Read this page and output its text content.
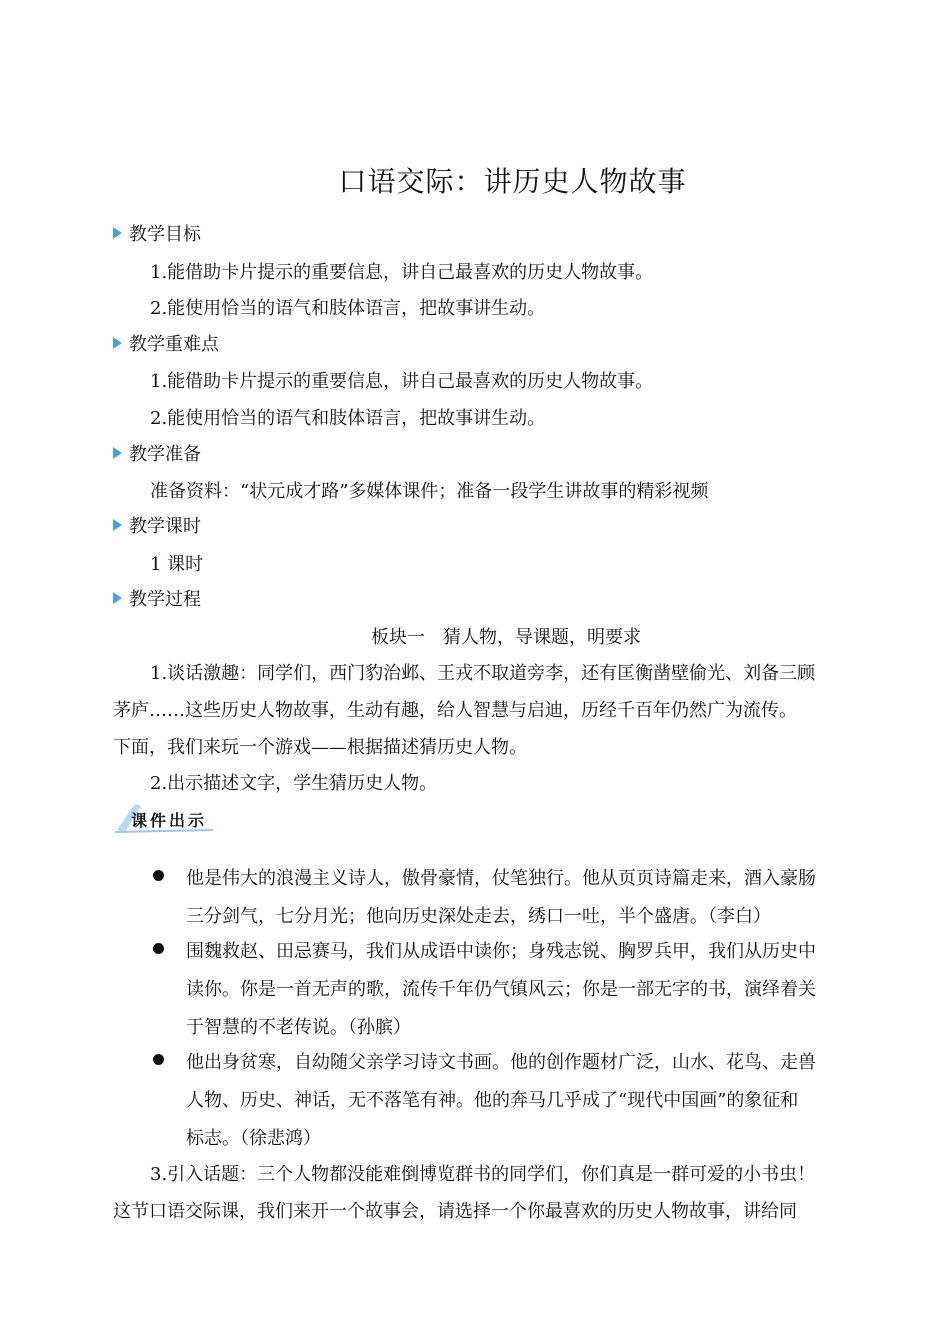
口语交际：讲历史人物故事
教学目标
1.能借助卡片提示的重要信息，讲自己最喜欢的历史人物故事。
2.能使用恰当的语气和肢体语言，把故事讲生动。
教学重难点
1.能借助卡片提示的重要信息，讲自己最喜欢的历史人物故事。
2.能使用恰当的语气和肢体语言，把故事讲生动。
教学准备
准备资料：“状元成才路”多媒体课件；准备一段学生讲故事的精彩视频
教学课时
1 课时
教学过程
板块一　猜人物，导课题，明要求
1.谈话激趣：同学们，西门豹治邺、王戎不取道旁李，还有匡衡凿壁偷光、刘备三顾
茅庐……这些历史人物故事，生动有趣，给人智慧与启迪，历经千百年仍然广为流传。
下面，我们来玩一个游戏——根据描述猜历史人物。
2.出示描述文字，学生猜历史人物。
课件出示
他是伟大的浪漫主义诗人，傲骨豪情，仗笔独行。他从页页诗篇走来，酒入豪肠
三分剑气，七分月光；他向历史深处走去，绣口一吐，半个盛唐。（李白）
围魏救赵、田忌赛马，我们从成语中读你；身残志锐、胸罗兵甲，我们从历史中
读你。你是一首无声的歌，流传千年仍气镇风云；你是一部无字的书，演绎着关
于智慧的不老传说。（孙膑）
他出身贫寒，自幼随父亲学习诗文书画。他的创作题材广泛，山水、花鸟、走兽
人物、历史、神话，无不落笔有神。他的奔马几乎成了“现代中国画”的象征和
标志。（徐悲鸿）
3.引入话题：三个人物都没能难倒博览群书的同学们，你们真是一群可爱的小书虫！
这节口语交际课，我们来开一个故事会，请选择一个你最喜欢的历史人物故事，讲给同
